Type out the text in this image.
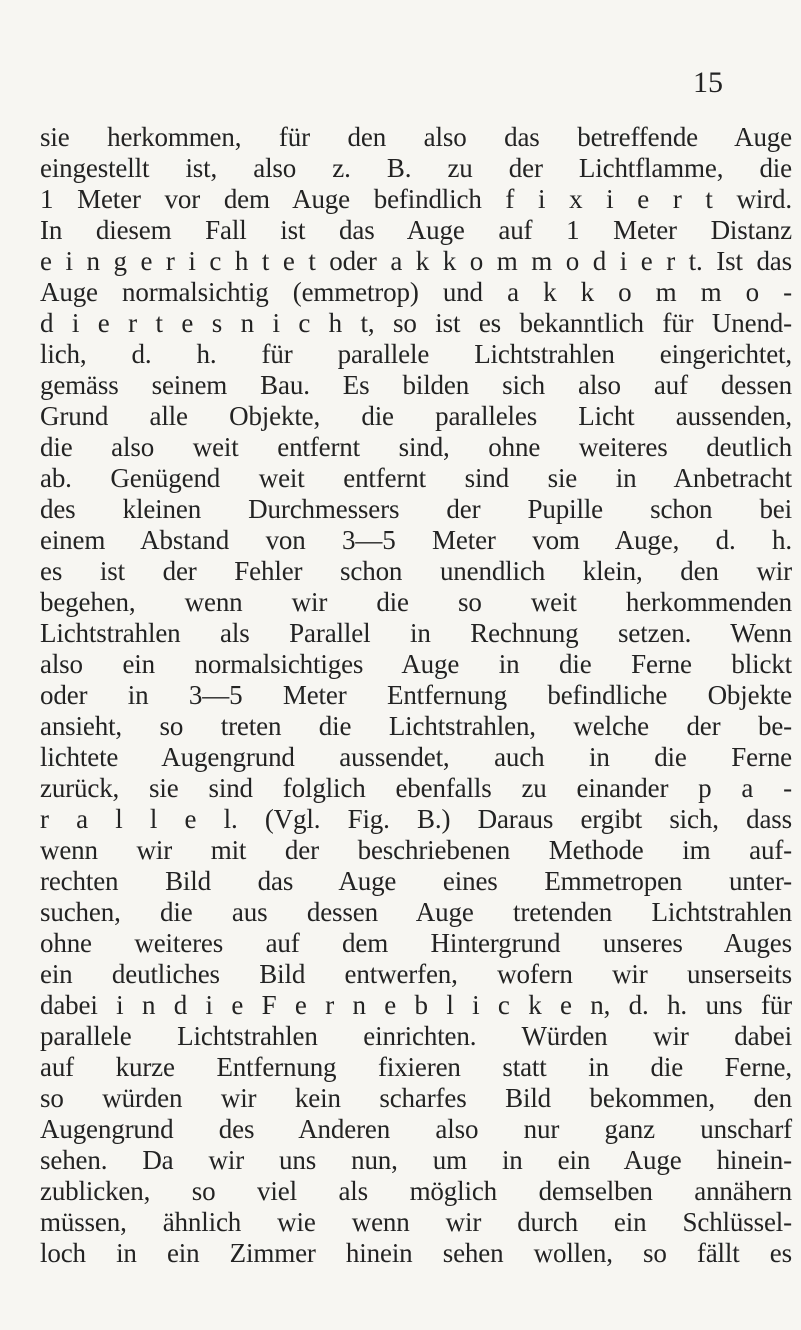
15
sie herkommen, für den also das betreffende Auge
eingestellt ist, also z. B. zu der Lichtflamme, die
1 Meter vor dem Auge befindlich f i x i e r t wird.
In diesem Fall ist das Auge auf 1 Meter Distanz
e i n g e r i c h t e t oder a k k o m m o d i e r t. Ist das
Auge normalsichtig (emmetrop) und a k k o m m o -
d i e r t e s n i c h t, so ist es bekanntlich für Unend-
lich, d. h. für parallele Lichtstrahlen eingerichtet,
gemäss seinem Bau. Es bilden sich also auf dessen
Grund alle Objekte, die paralleles Licht aussenden,
die also weit entfernt sind, ohne weiteres deutlich
ab. Genügend weit entfernt sind sie in Anbetracht
des kleinen Durchmessers der Pupille schon bei
einem Abstand von 3—5 Meter vom Auge, d. h.
es ist der Fehler schon unendlich klein, den wir
begehen, wenn wir die so weit herkommenden
Lichtstrahlen als Parallel in Rechnung setzen. Wenn
also ein normalsichtiges Auge in die Ferne blickt
oder in 3—5 Meter Entfernung befindliche Objekte
ansieht, so treten die Lichtstrahlen, welche der be-
lichtete Augengrund aussendet, auch in die Ferne
zurück, sie sind folglich ebenfalls zu einander p a -
r a l l e l. (Vgl. Fig. B.) Daraus ergibt sich, dass
wenn wir mit der beschriebenen Methode im auf-
rechten Bild das Auge eines Emmetropen unter-
suchen, die aus dessen Auge tretenden Lichtstrahlen
ohne weiteres auf dem Hintergrund unseres Auges
ein deutliches Bild entwerfen, wofern wir unserseits
dabei i n d i e F e r n e b l i c k e n, d. h. uns für
parallele Lichtstrahlen einrichten. Würden wir dabei
auf kurze Entfernung fixieren statt in die Ferne,
so würden wir kein scharfes Bild bekommen, den
Augengrund des Anderen also nur ganz unscharf
sehen. Da wir uns nun, um in ein Auge hinein-
zublicken, so viel als möglich demselben annähern
müssen, ähnlich wie wenn wir durch ein Schlüssel-
loch in ein Zimmer hinein sehen wollen, so fällt es
